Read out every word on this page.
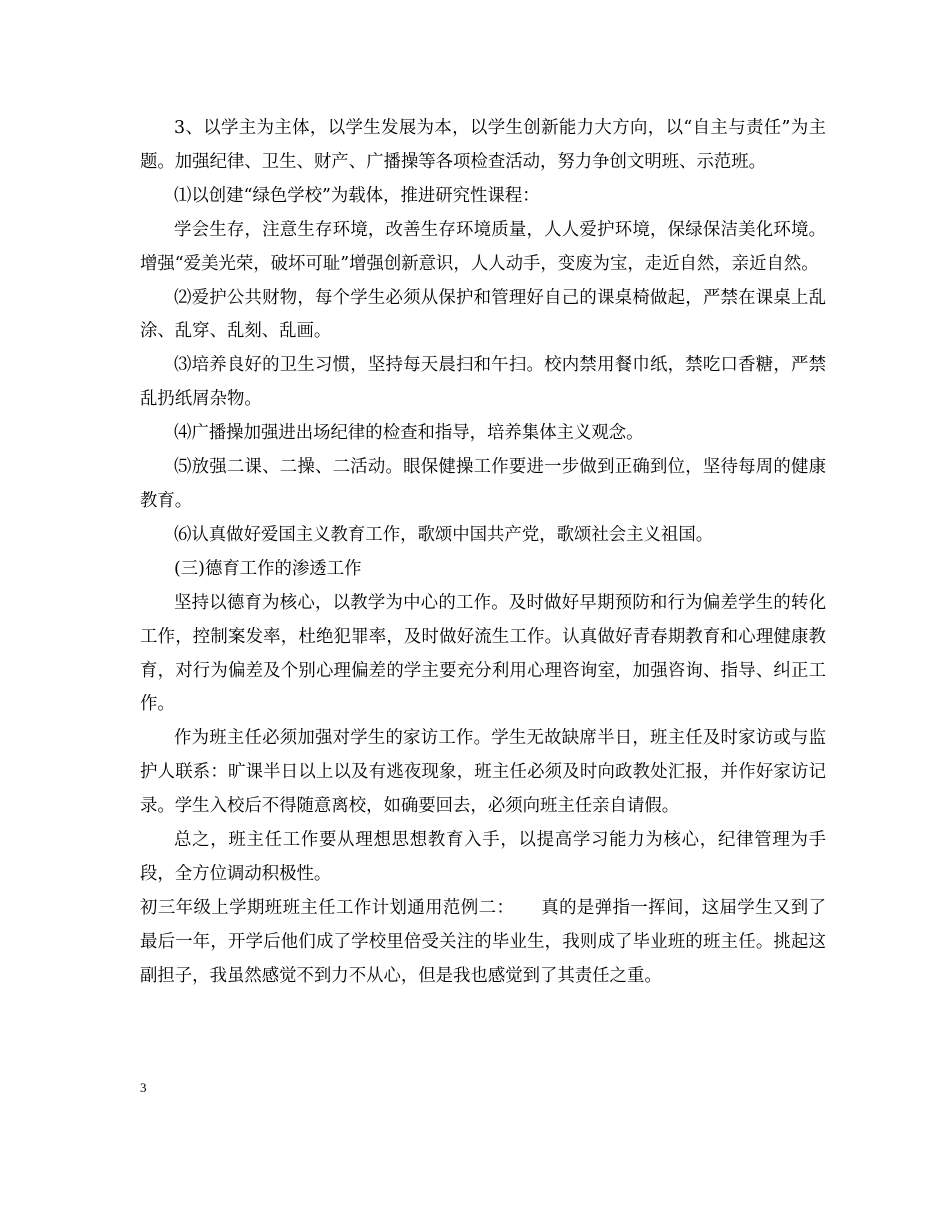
3、以学主为主体，以学生发展为本，以学生创新能力大方向，以“自主与责任”为主题。加强纪律、卫生、财产、广播操等各项检查活动，努力争创文明班、示范班。

⑴以创建“绿色学校”为载体，推进研究性课程：

学会生存，注意生存环境，改善生存环境质量，人人爱护环境，保绿保洁美化环境。增强“爱美光荣，破坏可耻”增强创新意识，人人动手，变废为宝，走近自然，亲近自然。

⑵爱护公共财物，每个学生必须从保护和管理好自己的课桌椅做起，严禁在课桌上乱涂、乱穿、乱刻、乱画。

⑶培养良好的卫生习惯，坚持每天晨扫和午扫。校内禁用餐巾纸，禁吃口香糖，严禁乱扔纸屑杂物。

⑷广播操加强进出场纪律的检查和指导，培养集体主义观念。

⑸放强二课、二操、二活动。眼保健操工作要进一步做到正确到位，坚待每周的健康教育。

⑹认真做好爱国主义教育工作，歌颂中国共产党，歌颂社会主义祖国。

(三)德育工作的渗透工作

坚持以德育为核心，以教学为中心的工作。及时做好早期预防和行为偏差学生的转化工作，控制案发率，杜绝犯罪率，及时做好流生工作。认真做好青春期教育和心理健康教育，对行为偏差及个别心理偏差的学主要充分利用心理咨询室，加强咨询、指导、纠正工作。

作为班主任必须加强对学生的家访工作。学生无故缺席半日，班主任及时家访或与监护人联系：旷课半日以上以及有逃夜现象，班主任必须及时向政教处汇报，并作好家访记录。学生入校后不得随意离校，如确要回去，必须向班主任亲自请假。

总之，班主任工作要从理想思想教育入手，以提高学习能力为核心，纪律管理为手段，全方位调动积极性。

初三年级上学期班班主任工作计划通用范例二：　　真的是弹指一挥间，这届学生又到了最后一年，开学后他们成了学校里倍受关注的毕业生，我则成了毕业班的班主任。挑起这副担子，我虽然感觉不到力不从心，但是我也感觉到了其责任之重。

3
